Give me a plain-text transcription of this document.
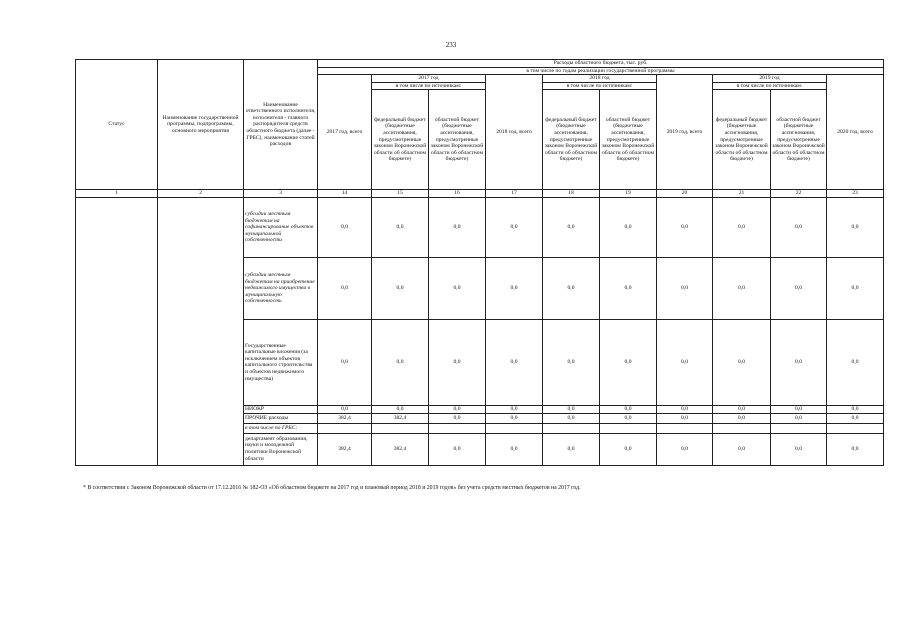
233
Статус	Наименование государственной программы, подпрограммы, основного мероприятия	Наименование ответственного исполнителя, исполнителя - главного распорядителя средств областного бюджета (далее - ГРБС), наименование статей расходов	Расходы областного бюджета, тыс. руб.									
			в том числе по годам реализации государственной программы									
			2017 год, всего	2017 год		2018 год, всего	2018 год		2019 год, всего	2019 год		2020 год, всего
				в том числе по источникам:			в том числе по источникам:			в том числе по источникам:		
				федеральный бюджет (бюджетные ассигнования, предусмотренные законом Воронежской области об областном бюджете)	областной бюджет (бюджетные ассигнования, предусмотренные законом Воронежской области об областном бюджете)		федеральный бюджет (бюджетные ассигнования, предусмотренные законом Воронежской области об областном бюджете)	областной бюджет (бюджетные ассигнования, предусмотренные законом Воронежской области об областном бюджете)		федеральный бюджет (бюджетные ассигнования, предусмотренные законом Воронежской области об областном бюджете)	областной бюджет (бюджетные ассигнования, предусмотренные законом Воронежской области об областном бюджете)	
1	2	3	14	15	16	17	18	19	20	21	22	23
		субсидии местным бюджетам на софинансирование объектов муниципальной собственности	0,0	0,0	0,0	0,0	0,0	0,0	0,0	0,0	0,0	0,0
		субсидии местным бюджетам на приобретение недвижимого имущества в муниципальную собственность	0,0	0,0	0,0	0,0	0,0	0,0	0,0	0,0	0,0	0,0
		Государственные капитальные вложения (за исключением объектов капитального строительства и объектов недвижимого имущества)	0,0	0,0	0,0	0,0	0,0	0,0	0,0	0,0	0,0	0,0
		НИОКР	0,0	0,0	0,0	0,0	0,0	0,0	0,0	0,0	0,0	0,0
		ПРОЧИЕ расходы	382,4	382,4	0,0	0,0	0,0	0,0	0,0	0,0	0,0	0,0
		в том числе по ГРБС:										
		департамент образования, науки и молодежной политики Воронежской области	382,4	382,4	0,0	0,0	0,0	0,0	0,0	0,0	0,0	0,0
* В соответствии с Законом Воронежской области от 17.12.2016 № 182-ОЗ «Об областном бюджете на 2017 год и плановый период 2018 и 2019 годов» без учета средств местных бюджетов на 2017 год.
